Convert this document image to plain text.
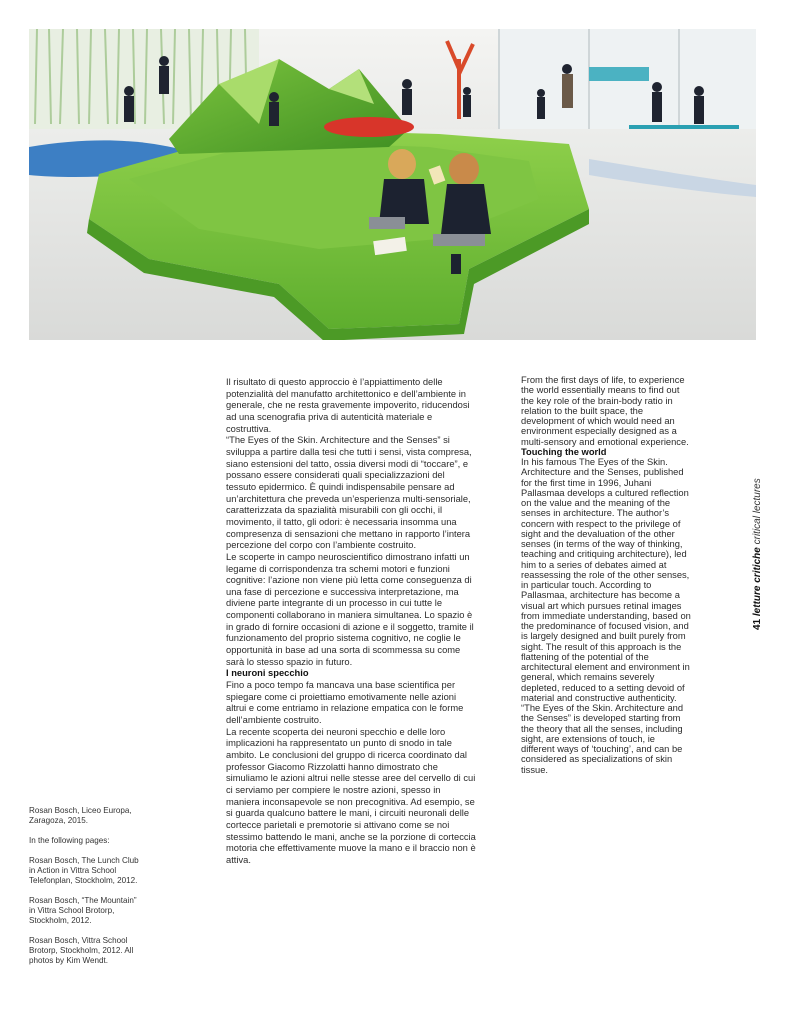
Rosan Bosch, Liceo Europa, Zaragoza, 2015.

In the following pages:

Rosan Bosch, The Lunch Club in Action in Vittra School Telefonplan, Stockholm, 2012.

Rosan Bosch, “The Mountain” in Vittra School Brotorp, Stockholm, 2012.

Rosan Bosch, Vittra School Brotorp, Stockholm, 2012. All photos by Kim Wendt.

Il risultato di questo approccio è l’appiattimento delle potenzialità del manufatto architettonico e dell’ambiente in generale, che ne resta gravemente impoverito, riducendosi ad una scenografia priva di autenticità materiale e costruttiva.

“The Eyes of the Skin. Architecture and the Senses” si sviluppa a partire dalla tesi che tutti i sensi, vista compresa, siano estensioni del tatto, ossia diversi modi di “toccare”, e possano essere considerati quali specializzazioni del tessuto epidermico. È quindi indispensabile pensare ad un’architettura che preveda un’esperienza multi-sensoriale, caratterizzata da spazialità misurabili con gli occhi, il movimento, il tatto, gli odori: è necessaria insomma una compresenza di sensazioni che mettano in rapporto l’intera percezione del corpo con l’ambiente costruito.

Le scoperte in campo neuroscientifico dimostrano infatti un legame di corrispondenza tra schemi motori e funzioni cognitive: l’azione non viene più letta come conseguenza di una fase di percezione e successiva interpretazione, ma diviene parte integrante di un processo in cui tutte le componenti collaborano in maniera simultanea. Lo spazio è in grado di fornire occasioni di azione e il soggetto, tramite il funzionamento del proprio sistema cognitivo, ne coglie le opportunità in base ad una sorta di scommessa su come sarà lo stesso spazio in futuro.

I neuroni specchio

Fino a poco tempo fa mancava una base scientifica per spiegare come ci proiettiamo emotivamente nelle azioni altrui e come entriamo in relazione empatica con le forme dell’ambiente costruito.

La recente scoperta dei neuroni specchio e delle loro implicazioni ha rappresentato un punto di snodo in tale ambito. Le conclusioni del gruppo di ricerca coordinato dal professor Giacomo Rizzolatti hanno dimostrato che simuliamo le azioni altrui nelle stesse aree del cervello di cui ci serviamo per compiere le nostre azioni, spesso in maniera inconsapevole se non precognitiva. Ad esempio, se si guarda qualcuno battere le mani, i circuiti neuronali delle cortecce parietali e premotorie si attivano come se noi stessimo battendo le mani, anche se la porzione di corteccia motoria che effettivamente muove la mano e il braccio non è attiva.

From the first days of life, to experience the world essentially means to find out the key role of the brain-body ratio in relation to the built space, the development of which would need an environment especially designed as a multi-sensory and emotional experience.

Touching the world

In his famous The Eyes of the Skin. Architecture and the Senses, published for the first time in 1996, Juhani Pallasmaa develops a cultured reflection on the value and the meaning of the senses in architecture. The author’s concern with respect to the privilege of sight and the devaluation of the other senses (in terms of the way of thinking, teaching and critiquing architecture), led him to a series of debates aimed at reassessing the role of the other senses, in particular touch. According to Pallasmaa, architecture has become a visual art which pursues retinal images from immediate understanding, based on the predominance of focused vision, and is largely designed and built purely from sight. The result of this approach is the flattening of the potential of the architectural element and environment in general, which remains severely depleted, reduced to a setting devoid of material and constructive authenticity.

“The Eyes of the Skin. Architecture and the Senses” is developed starting from the theory that all the senses, including sight, are extensions of touch, ie different ways of ‘touching’, and can be considered as specializations of skin tissue.

41 letture critiche critical lectures
